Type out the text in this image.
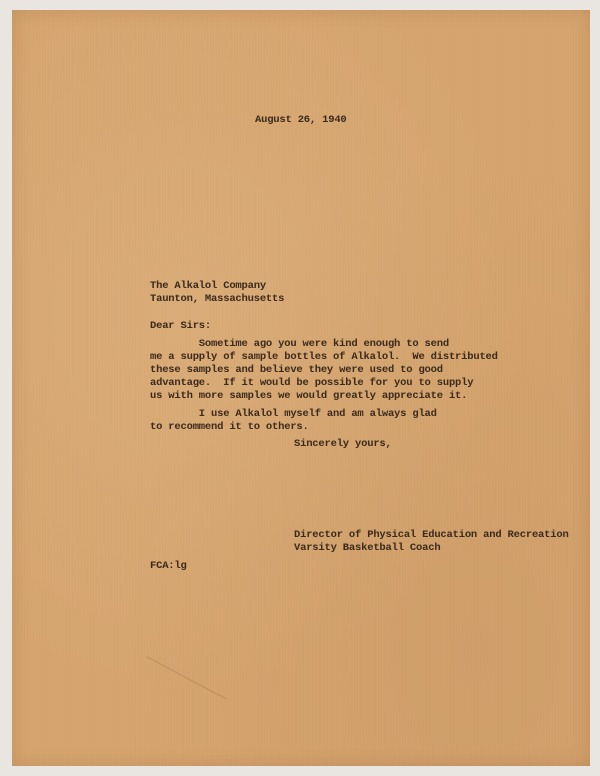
August 26, 1940
The Alkalol Company
Taunton, Massachusetts
Dear Sirs:
Sometime ago you were kind enough to send
me a supply of sample bottles of Alkalol.  We distributed
these samples and believe they were used to good
advantage.  If it would be possible for you to supply
us with more samples we would greatly appreciate it.
I use Alkalol myself and am always glad
to recommend it to others.
Sincerely yours,
Director of Physical Education and Recreation
Varsity Basketball Coach
FCA:lg
